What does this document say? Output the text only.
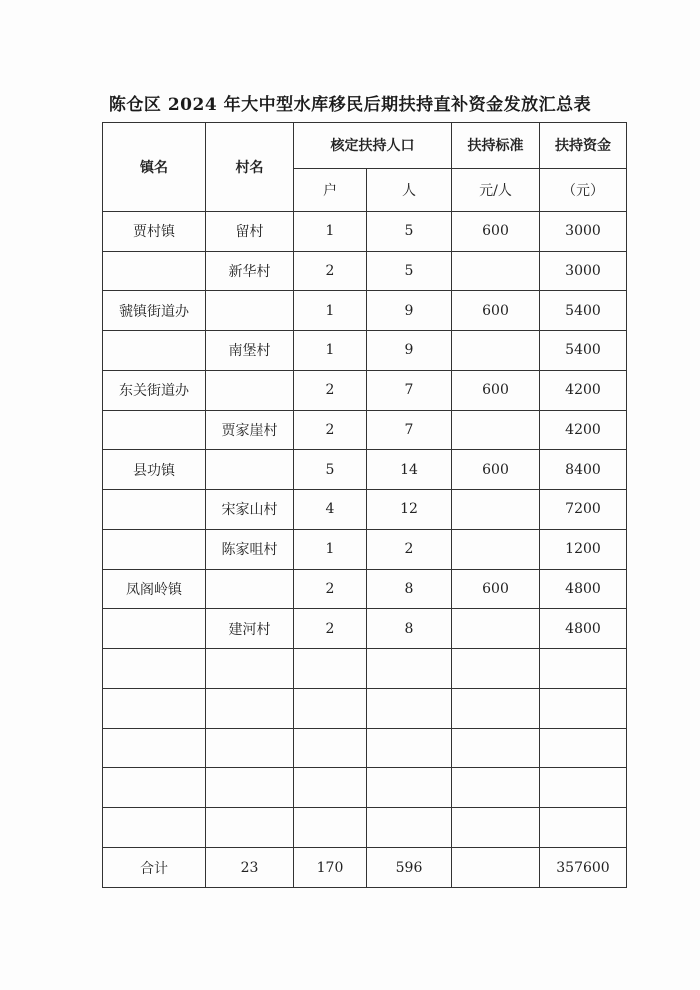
陈仓区 2024 年大中型水库移民后期扶持直补资金发放汇总表
镇名	村名	核定扶持人口		扶持标准	扶持资金
		户	人	元/人	（元）
贾村镇	留村	1	5	600	3000
	新华村	2	5		3000
虢镇街道办		1	9	600	5400
	南堡村	1	9		5400
东关街道办		2	7	600	4200
	贾家崖村	2	7		4200
县功镇		5	14	600	8400
	宋家山村	4	12		7200
	陈家咀村	1	2		1200
凤阁岭镇		2	8	600	4800
	建河村	2	8		4800

合计	23	170	596		357600
